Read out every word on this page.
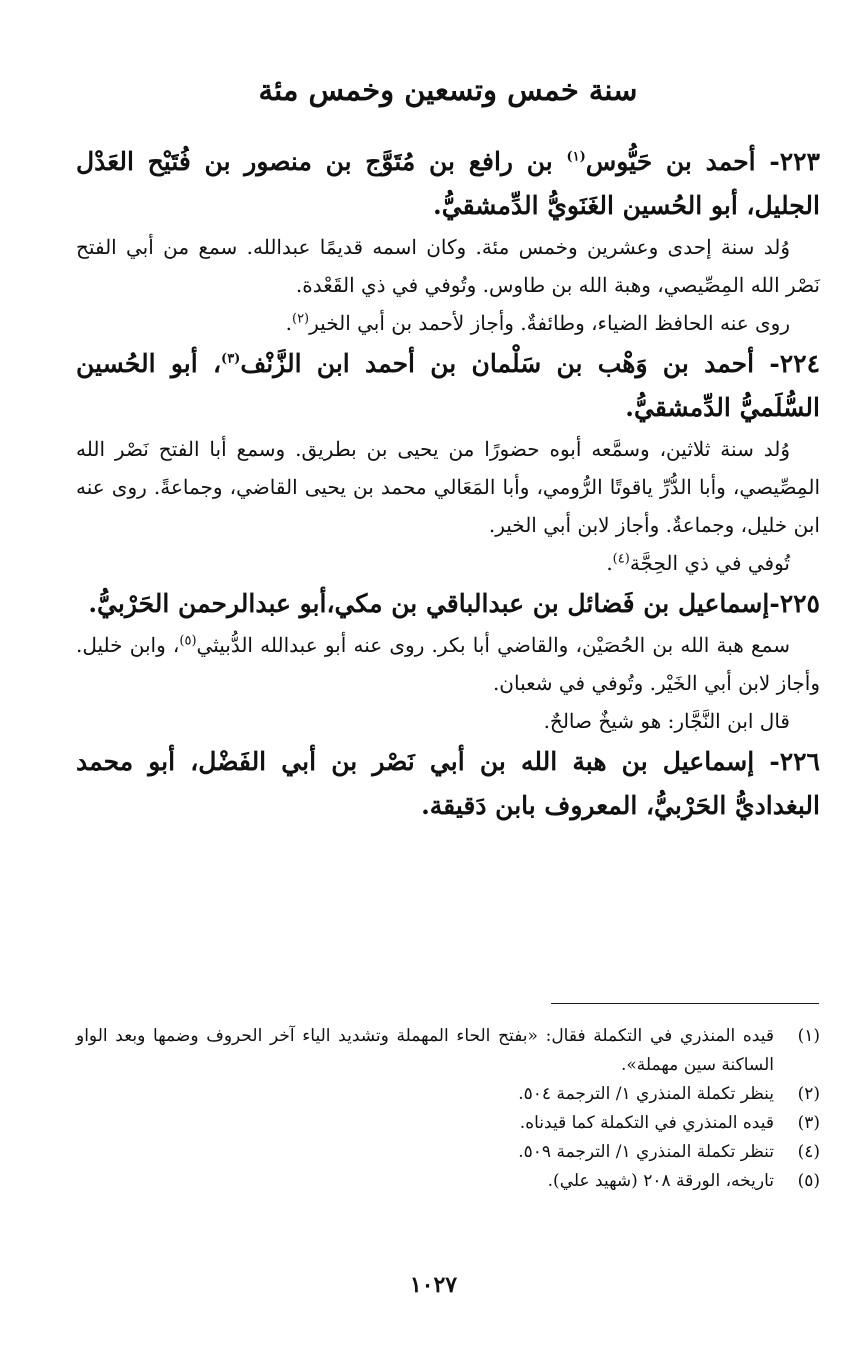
سنة خمس وتسعين وخمس مئة
٢٢٣- أحمد بن حَيُّوس$^{(١)}$ بن رافع بن مُتَوَّج بن منصور بن فُتَيْح العَدْل الجليل، أبو الحُسين الغَنَويُّ الدِّمشقيُّ.

وُلد سنة إحدى وعشرين وخمس مئة. وكان اسمه قديمًا عبدالله. سمع من أبي الفتح نَصْر الله المِصِّيصي، وهبة الله بن طاوس. وتُوفي في ذي القَعْدة.

روى عنه الحافظ الضياء، وطائفةٌ. وأجاز لأحمد بن أبي الخير$^{(٢)}$.

٢٢٤- أحمد بن وَهْب بن سَلْمان بن أحمد ابن الزَّنْف$^{(٣)}$، أبو الحُسين السُّلَميُّ الدِّمشقيُّ.

وُلد سنة ثلاثين، وسمَّعه أبوه حضورًا من يحيى بن بطريق. وسمع أبا الفتح نَصْر الله المِصِّيصي، وأبا الدُّرِّ ياقوتًا الرُّومي، وأبا المَعَالي محمد بن يحيى القاضي، وجماعةً. روى عنه ابن خليل، وجماعةٌ. وأجاز لابن أبي الخير.

تُوفي في ذي الحِجَّة$^{(٤)}$.

٢٢٥-إسماعيل بن فَضائل بن عبدالباقي بن مكي،أبو عبدالرحمن الحَرْبيُّ.

سمع هبة الله بن الحُصَيْن، والقاضي أبا بكر. روى عنه أبو عبدالله الدُّبيثي$^{(٥)}$، وابن خليل. وأجاز لابن أبي الخَيْر. وتُوفي في شعبان.

قال ابن النَّجَّار: هو شيخٌ صالحٌ.

٢٢٦- إسماعيل بن هبة الله بن أبي نَصْر بن أبي الفَضْل، أبو محمد البغداديُّ الحَرْبيُّ، المعروف بابن دَقيقة.
(١)
قيده المنذري في التكملة فقال: «بفتح الحاء المهملة وتشديد الياء آخر الحروف وضمها وبعد الواو الساكنة سين مهملة».
(٢)
ينظر تكملة المنذري ١/ الترجمة ٥٠٤.
(٣)
قيده المنذري في التكملة كما قيدناه.
(٤)
تنظر تكملة المنذري ١/ الترجمة ٥٠٩.
(٥)
تاريخه، الورقة ٢٠٨ (شهيد علي).
١٠٢٧
